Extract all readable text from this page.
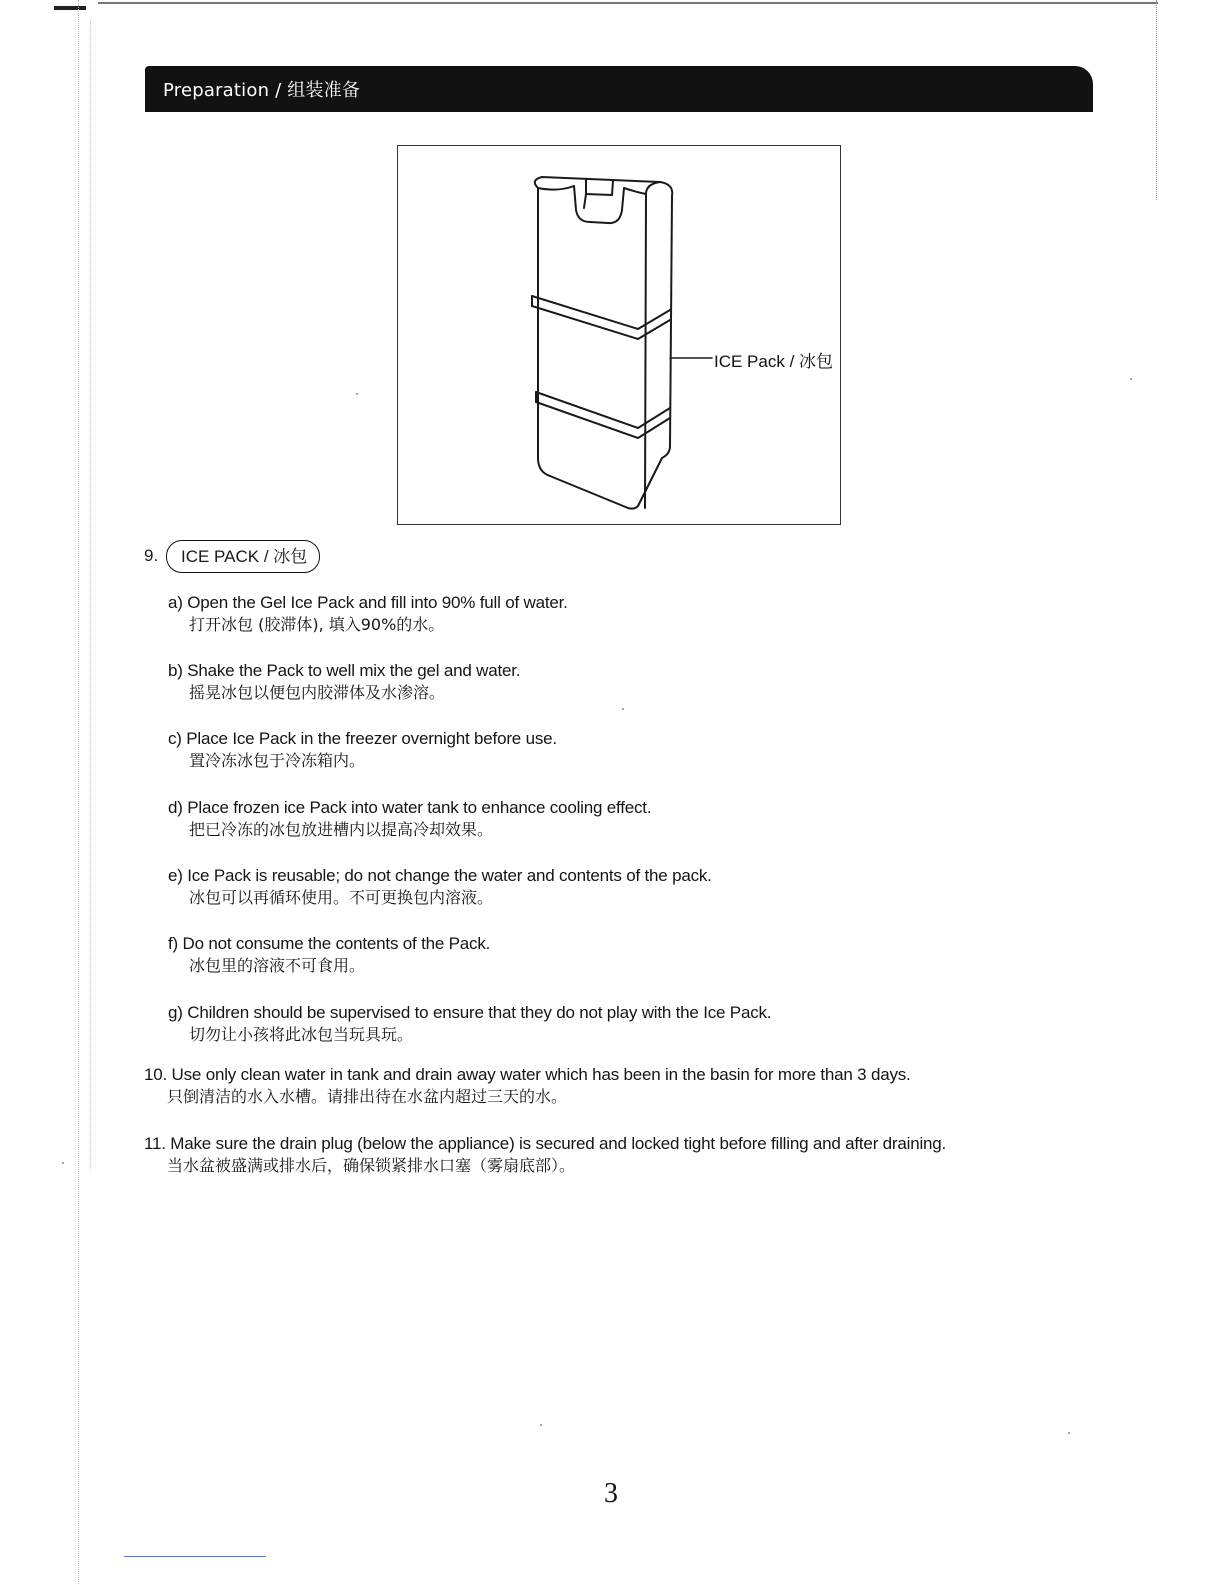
Preparation / 组装准备
ICE Pack / 冰包
9.	ICE PACK / 冰包
a) Open the Gel Ice Pack and fill into 90% full of water.
打开冰包 (胶滞体), 填入90%的水。
b) Shake the Pack to well mix the gel and water.
摇晃冰包以便包内胶滞体及水渗溶。
c) Place Ice Pack in the freezer overnight before use.
置冷冻冰包于冷冻箱内。
d) Place frozen ice Pack into water tank to enhance cooling effect.
把已冷冻的冰包放进槽内以提高冷却效果。
e) Ice Pack is reusable; do not change the water and contents of the pack.
冰包可以再循环使用。不可更换包内溶液。
f) Do not consume the contents of the Pack.
冰包里的溶液不可食用。
g) Children should be supervised to ensure that they do not play with the Ice Pack.
切勿让小孩将此冰包当玩具玩。
10. Use only clean water in tank and drain away water which has been in the basin for more than 3 days.
只倒清洁的水入水槽。请排出待在水盆内超过三天的水。
11. Make sure the drain plug (below the appliance) is secured and locked tight before filling and after draining.
当水盆被盛满或排水后，确保锁紧排水口塞（雾扇底部）。
3
